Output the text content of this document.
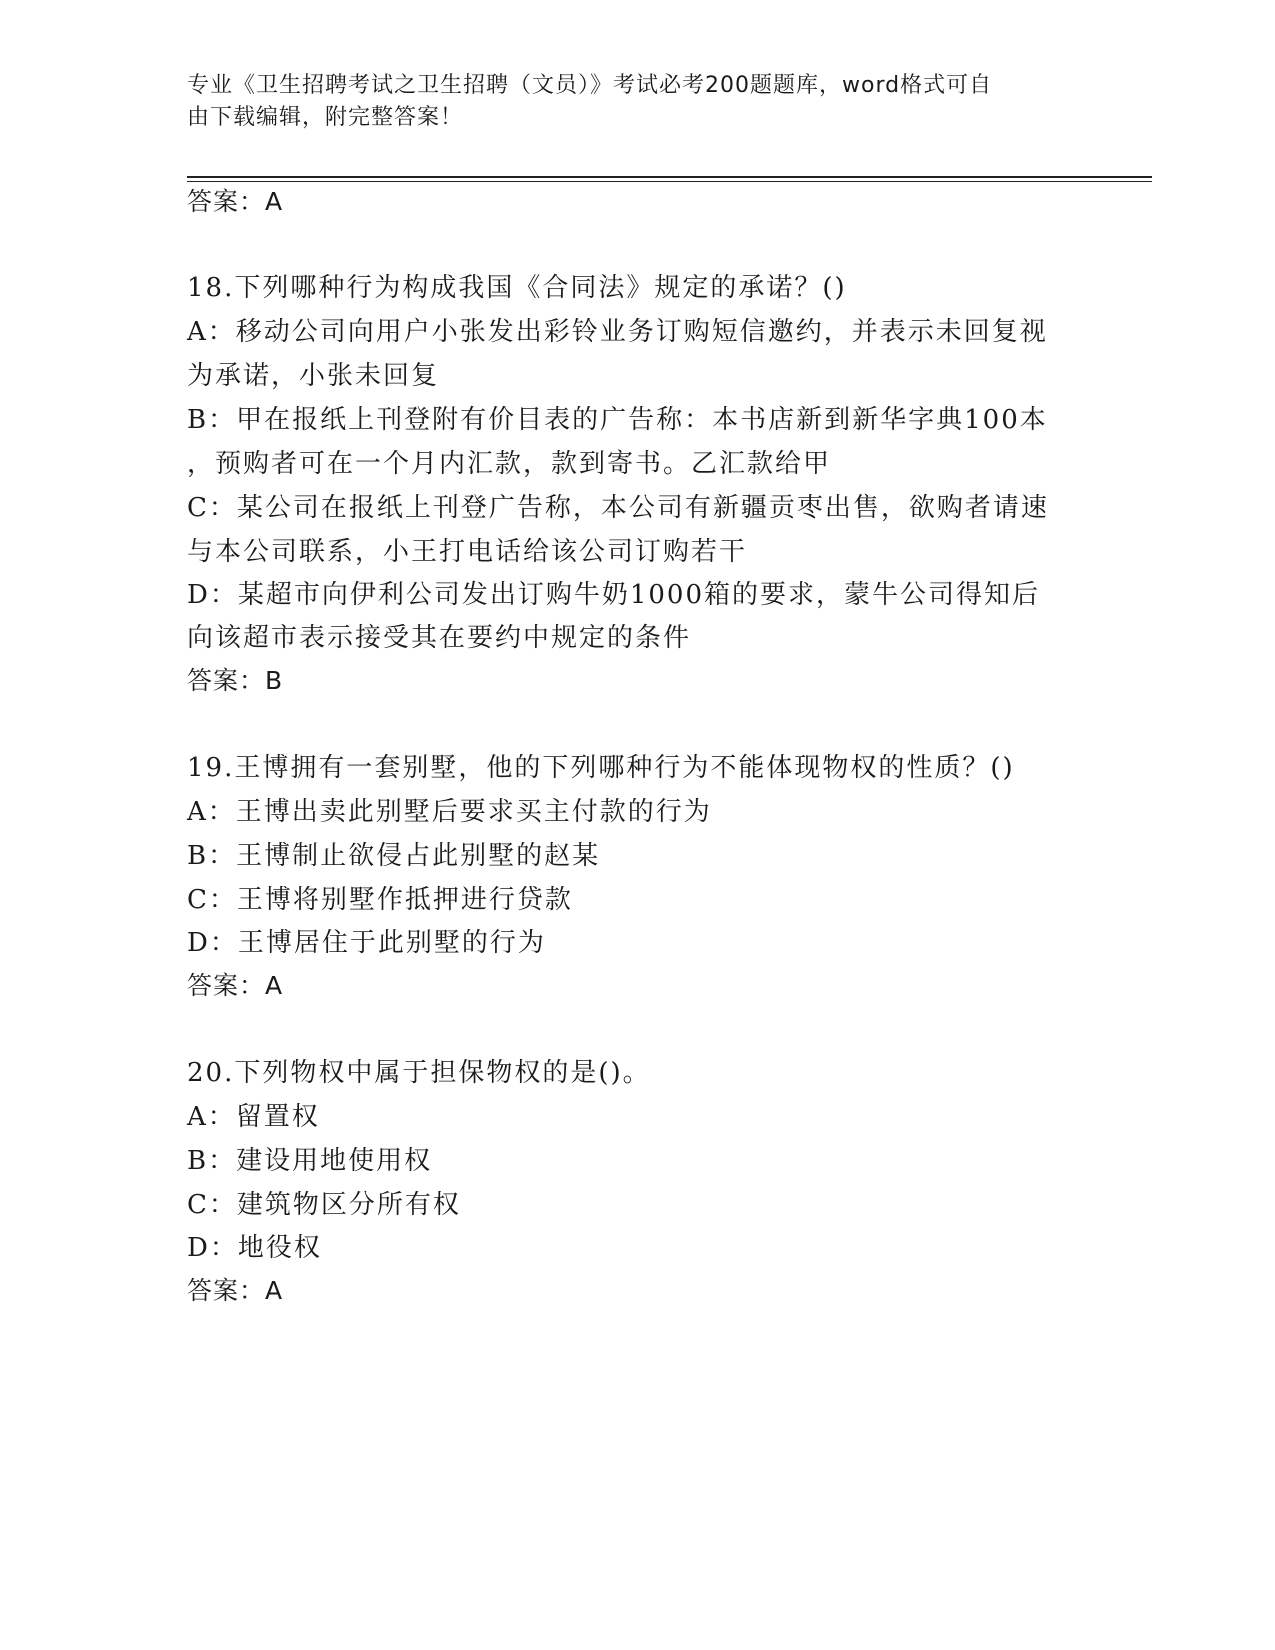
专业《卫生招聘考试之卫生招聘（文员）》考试必考200题题库，word格式可自
由下载编辑，附完整答案！
答案：A
18.下列哪种行为构成我国《合同法》规定的承诺？()
A：移动公司向用户小张发出彩铃业务订购短信邀约，并表示未回复视
为承诺，小张未回复
B：甲在报纸上刊登附有价目表的广告称：本书店新到新华字典100本
，预购者可在一个月内汇款，款到寄书。乙汇款给甲
C：某公司在报纸上刊登广告称，本公司有新疆贡枣出售，欲购者请速
与本公司联系，小王打电话给该公司订购若干
D：某超市向伊利公司发出订购牛奶1000箱的要求，蒙牛公司得知后
向该超市表示接受其在要约中规定的条件
答案：B
19.王博拥有一套别墅，他的下列哪种行为不能体现物权的性质？()
A：王博出卖此别墅后要求买主付款的行为
B：王博制止欲侵占此别墅的赵某
C：王博将别墅作抵押进行贷款
D：王博居住于此别墅的行为
答案：A
20.下列物权中属于担保物权的是()。
A：留置权
B：建设用地使用权
C：建筑物区分所有权
D：地役权
答案：A
